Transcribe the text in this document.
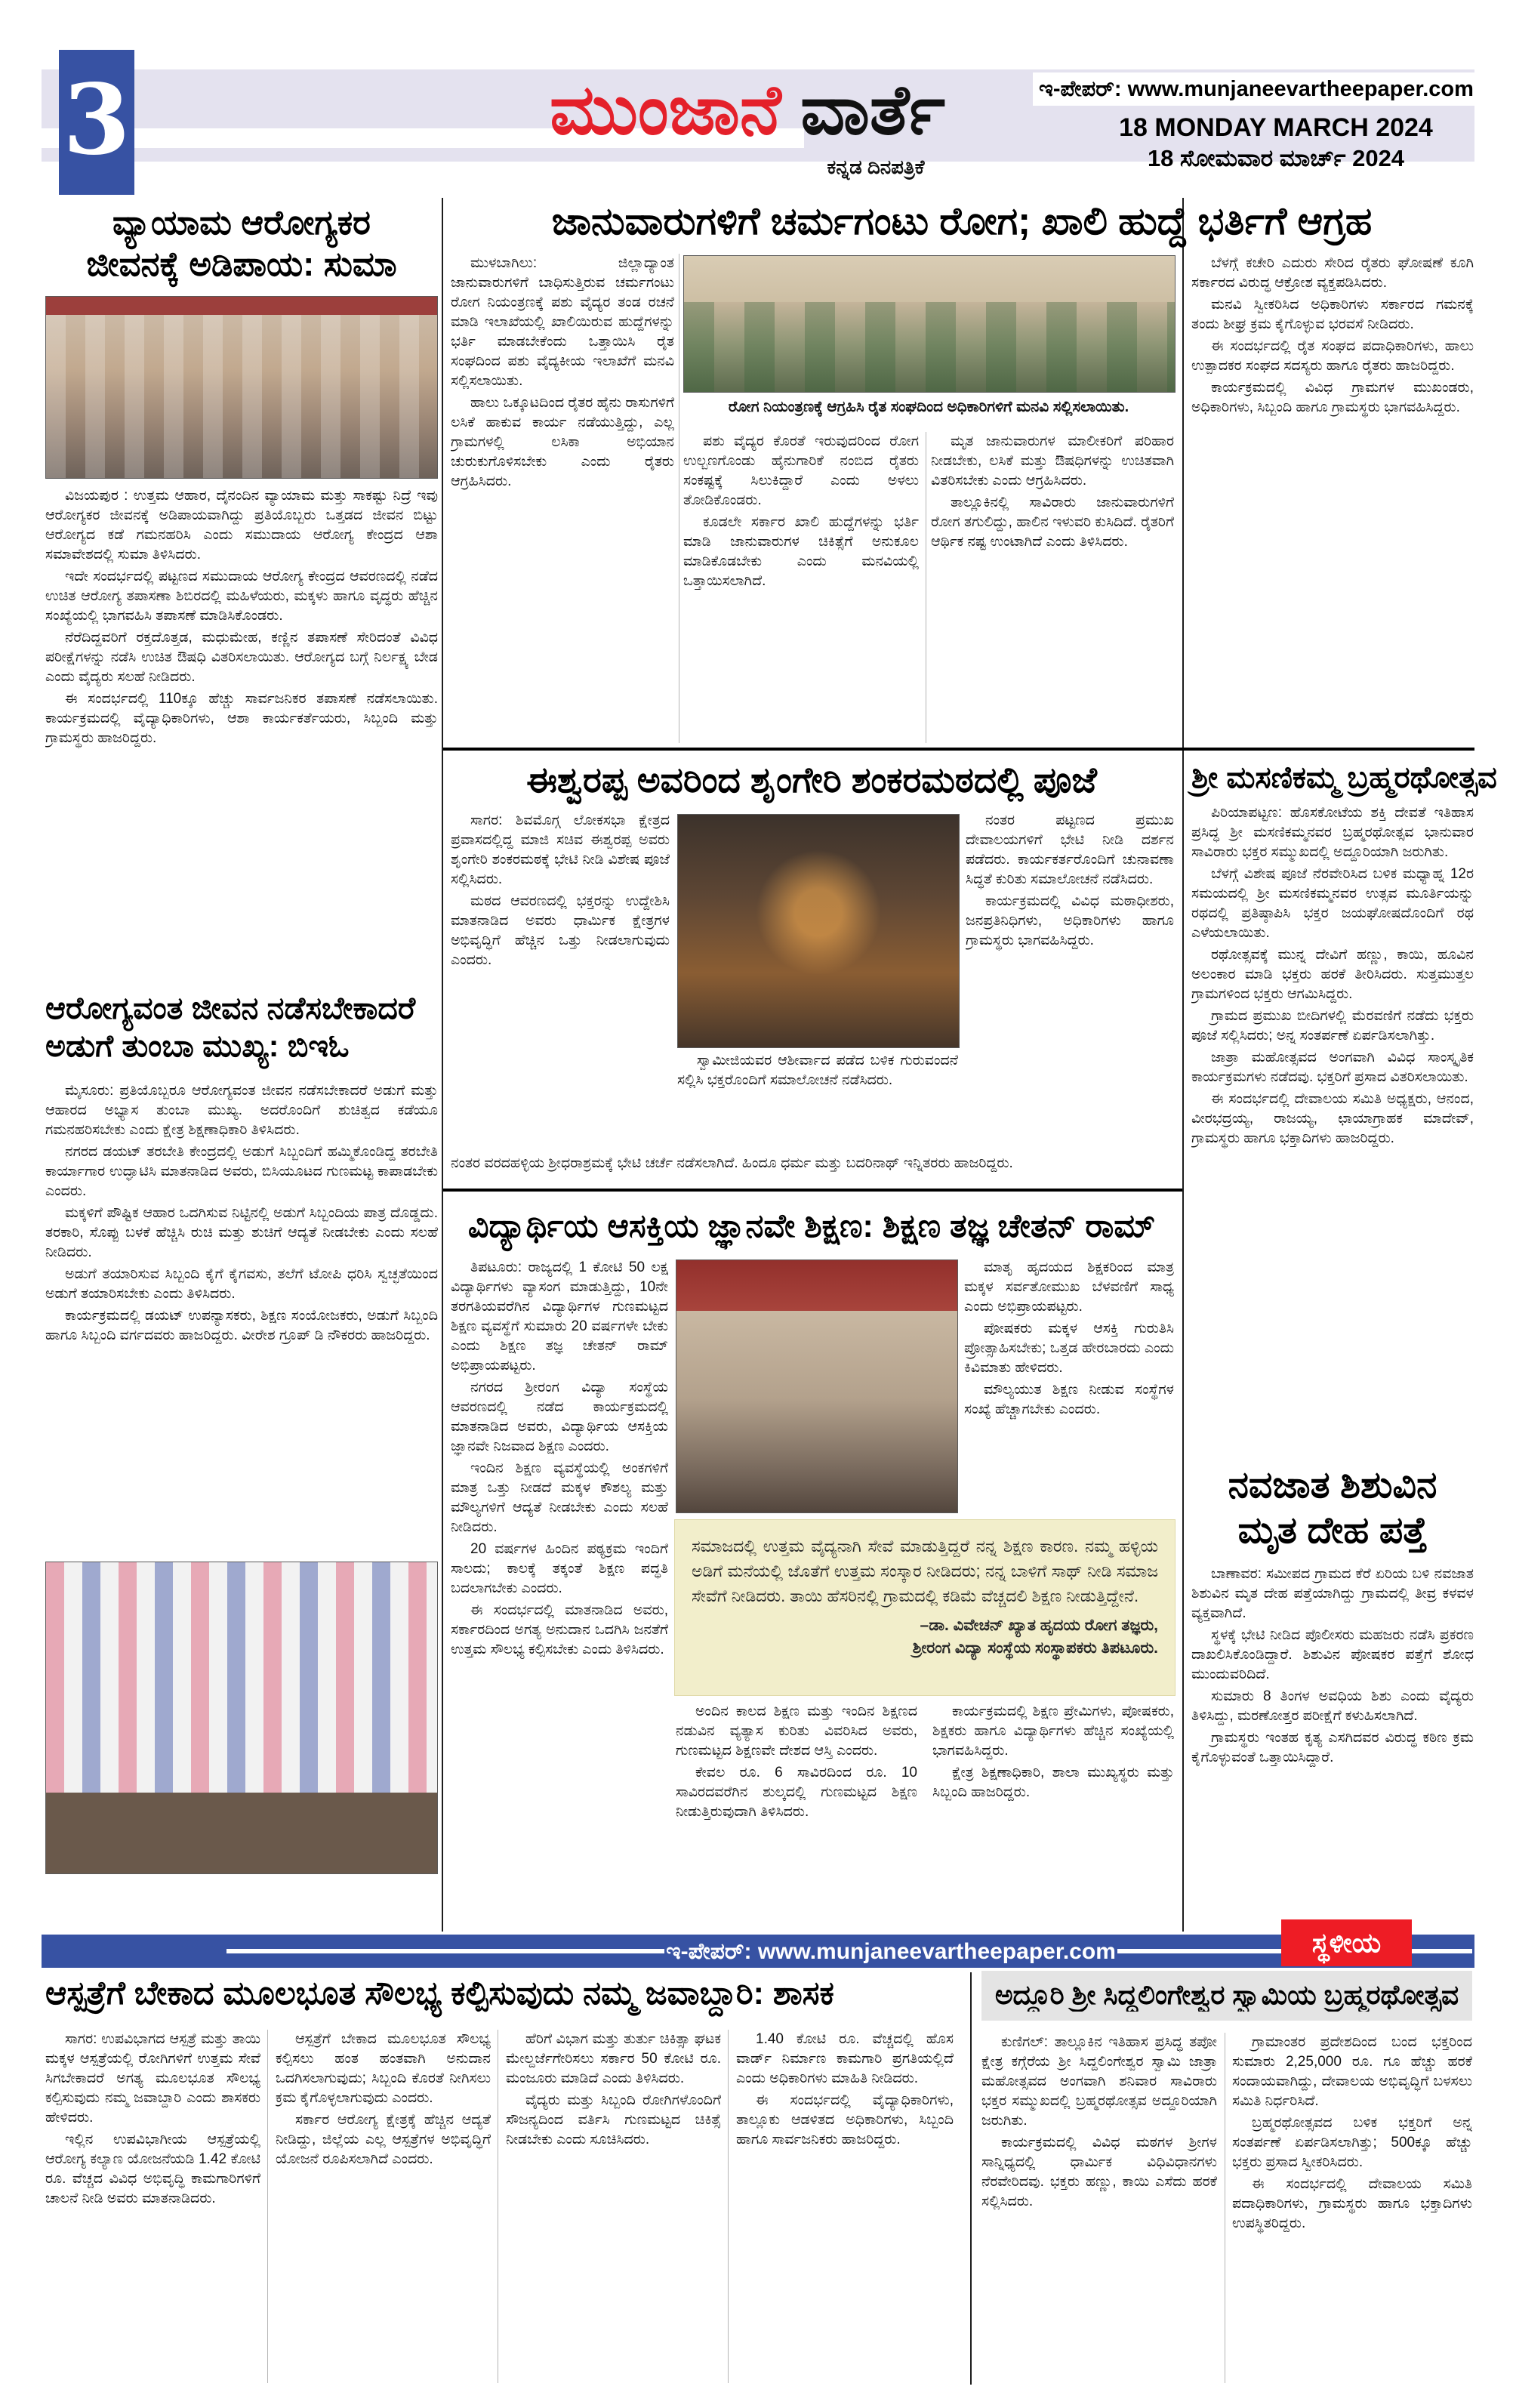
3	ಮುಂಜಾನೆ ವಾರ್ತೆ
ಕನ್ನಡ ದಿನಪತ್ರಿಕೆ
ಇ-ಪೇಪರ್: www.munjaneevartheepaper.com
18 MONDAY MARCH 2024
18 ಸೋಮವಾರ ಮಾರ್ಚ್ 2024
ವ್ಯಾಯಾಮ ಆರೋಗ್ಯಕರ
ಜೀವನಕ್ಕೆ ಅಡಿಪಾಯ: ಸುಮಾ

ವಿಜಯಪುರ : ಉತ್ತಮ ಆಹಾರ, ದೈನಂದಿನ ವ್ಯಾಯಾಮ ಮತ್ತು ಸಾಕಷ್ಟು ನಿದ್ರೆ ಇವು ಆರೋಗ್ಯಕರ ಜೀವನಕ್ಕೆ ಅಡಿಪಾಯವಾಗಿದ್ದು ಪ್ರತಿಯೊಬ್ಬರು ಒತ್ತಡದ ಜೀವನ ಬಿಟ್ಟು ಆರೋಗ್ಯದ ಕಡೆ ಗಮನಹರಿಸಿ ಎಂದು ಸಮುದಾಯ ಆರೋಗ್ಯ ಕೇಂದ್ರದ ಆಶಾ ಸಮಾವೇಶದಲ್ಲಿ ಸುಮಾ ತಿಳಿಸಿದರು.

ಇದೇ ಸಂದರ್ಭದಲ್ಲಿ ಪಟ್ಟಣದ ಸಮುದಾಯ ಆರೋಗ್ಯ ಕೇಂದ್ರದ ಆವರಣದಲ್ಲಿ ನಡೆದ ಉಚಿತ ಆರೋಗ್ಯ ತಪಾಸಣಾ ಶಿಬಿರದಲ್ಲಿ ಮಹಿಳೆಯರು, ಮಕ್ಕಳು ಹಾಗೂ ವೃದ್ಧರು ಹೆಚ್ಚಿನ ಸಂಖ್ಯೆಯಲ್ಲಿ ಭಾಗವಹಿಸಿ ತಪಾಸಣೆ ಮಾಡಿಸಿಕೊಂಡರು.

ನೆರೆದಿದ್ದವರಿಗೆ ರಕ್ತದೊತ್ತಡ, ಮಧುಮೇಹ, ಕಣ್ಣಿನ ತಪಾಸಣೆ ಸೇರಿದಂತೆ ವಿವಿಧ ಪರೀಕ್ಷೆಗಳನ್ನು ನಡೆಸಿ ಉಚಿತ ಔಷಧಿ ವಿತರಿಸಲಾಯಿತು. ಆರೋಗ್ಯದ ಬಗ್ಗೆ ನಿರ್ಲಕ್ಷ್ಯ ಬೇಡ ಎಂದು ವೈದ್ಯರು ಸಲಹೆ ನೀಡಿದರು.

ಈ ಸಂದರ್ಭದಲ್ಲಿ 110ಕ್ಕೂ ಹೆಚ್ಚು ಸಾರ್ವಜನಿಕರ ತಪಾಸಣೆ ನಡೆಸಲಾಯಿತು. ಕಾರ್ಯಕ್ರಮದಲ್ಲಿ ವೈದ್ಯಾಧಿಕಾರಿಗಳು, ಆಶಾ ಕಾರ್ಯಕರ್ತೆಯರು, ಸಿಬ್ಬಂದಿ ಮತ್ತು ಗ್ರಾಮಸ್ಥರು ಹಾಜರಿದ್ದರು.

ಆರೋಗ್ಯವಂತ ಜೀವನ ನಡೆಸಬೇಕಾದರೆ
ಅಡುಗೆ ತುಂಬಾ ಮುಖ್ಯ: ಬಿಇಓ

ಮೈಸೂರು: ಪ್ರತಿಯೊಬ್ಬರೂ ಆರೋಗ್ಯವಂತ ಜೀವನ ನಡೆಸಬೇಕಾದರೆ ಅಡುಗೆ ಮತ್ತು ಆಹಾರದ ಅಭ್ಯಾಸ ತುಂಬಾ ಮುಖ್ಯ. ಅದರೊಂದಿಗೆ ಶುಚಿತ್ವದ ಕಡೆಯೂ ಗಮನಹರಿಸಬೇಕು ಎಂದು ಕ್ಷೇತ್ರ ಶಿಕ್ಷಣಾಧಿಕಾರಿ ತಿಳಿಸಿದರು.

ನಗರದ ಡಯಟ್ ತರಬೇತಿ ಕೇಂದ್ರದಲ್ಲಿ ಅಡುಗೆ ಸಿಬ್ಬಂದಿಗೆ ಹಮ್ಮಿಕೊಂಡಿದ್ದ ತರಬೇತಿ ಕಾರ್ಯಾಗಾರ ಉದ್ಘಾಟಿಸಿ ಮಾತನಾಡಿದ ಅವರು, ಬಿಸಿಯೂಟದ ಗುಣಮಟ್ಟ ಕಾಪಾಡಬೇಕು ಎಂದರು.

ಮಕ್ಕಳಿಗೆ ಪೌಷ್ಟಿಕ ಆಹಾರ ಒದಗಿಸುವ ನಿಟ್ಟಿನಲ್ಲಿ ಅಡುಗೆ ಸಿಬ್ಬಂದಿಯ ಪಾತ್ರ ದೊಡ್ಡದು. ತರಕಾರಿ, ಸೊಪ್ಪು ಬಳಕೆ ಹೆಚ್ಚಿಸಿ ರುಚಿ ಮತ್ತು ಶುಚಿಗೆ ಆದ್ಯತೆ ನೀಡಬೇಕು ಎಂದು ಸಲಹೆ ನೀಡಿದರು.

ಅಡುಗೆ ತಯಾರಿಸುವ ಸಿಬ್ಬಂದಿ ಕೈಗೆ ಕೈಗವಸು, ತಲೆಗೆ ಟೋಪಿ ಧರಿಸಿ ಸ್ವಚ್ಛತೆಯಿಂದ ಅಡುಗೆ ತಯಾರಿಸಬೇಕು ಎಂದು ತಿಳಿಸಿದರು.

ಕಾರ್ಯಕ್ರಮದಲ್ಲಿ ಡಯಟ್ ಉಪನ್ಯಾಸಕರು, ಶಿಕ್ಷಣ ಸಂಯೋಜಕರು, ಅಡುಗೆ ಸಿಬ್ಬಂದಿ ಹಾಗೂ ಸಿಬ್ಬಂದಿ ವರ್ಗದವರು ಹಾಜರಿದ್ದರು. ವೀರೇಶ ಗ್ರೂಪ್ ಡಿ ನೌಕರರು ಹಾಜರಿದ್ದರು.

ಜಾನುವಾರುಗಳಿಗೆ ಚರ್ಮಗಂಟು ರೋಗ; ಖಾಲಿ ಹುದ್ದೆ ಭರ್ತಿಗೆ ಆಗ್ರಹ

ಮುಳಬಾಗಿಲು: ಜಿಲ್ಲಾದ್ಯಾಂತ ಜಾನುವಾರುಗಳಿಗೆ ಬಾಧಿಸುತ್ತಿರುವ ಚರ್ಮಗಂಟು ರೋಗ ನಿಯಂತ್ರಣಕ್ಕೆ ಪಶು ವೈದ್ಯರ ತಂಡ ರಚನೆ ಮಾಡಿ ಇಲಾಖೆಯಲ್ಲಿ ಖಾಲಿಯಿರುವ ಹುದ್ದೆಗಳನ್ನು ಭರ್ತಿ ಮಾಡಬೇಕೆಂದು ಒತ್ತಾಯಿಸಿ ರೈತ ಸಂಘದಿಂದ ಪಶು ವೈದ್ಯಕೀಯ ಇಲಾಖೆಗೆ ಮನವಿ ಸಲ್ಲಿಸಲಾಯಿತು.

ಹಾಲು ಒಕ್ಕೂಟದಿಂದ ರೈತರ ಹೈನು ರಾಸುಗಳಿಗೆ ಲಸಿಕೆ ಹಾಕುವ ಕಾರ್ಯ ನಡೆಯುತ್ತಿದ್ದು, ಎಲ್ಲ ಗ್ರಾಮಗಳಲ್ಲಿ ಲಸಿಕಾ ಅಭಿಯಾನ ಚುರುಕುಗೊಳಿಸಬೇಕು ಎಂದು ರೈತರು ಆಗ್ರಹಿಸಿದರು.

ರೋಗ ನಿಯಂತ್ರಣಕ್ಕೆ ಆಗ್ರಹಿಸಿ ರೈತ ಸಂಘದಿಂದ ಅಧಿಕಾರಿಗಳಿಗೆ ಮನವಿ ಸಲ್ಲಿಸಲಾಯಿತು.

ಪಶು ವೈದ್ಯರ ಕೊರತೆ ಇರುವುದರಿಂದ ರೋಗ ಉಲ್ಬಣಗೊಂಡು ಹೈನುಗಾರಿಕೆ ನಂಬಿದ ರೈತರು ಸಂಕಷ್ಟಕ್ಕೆ ಸಿಲುಕಿದ್ದಾರೆ ಎಂದು ಅಳಲು ತೋಡಿಕೊಂಡರು.

ಕೂಡಲೇ ಸರ್ಕಾರ ಖಾಲಿ ಹುದ್ದೆಗಳನ್ನು ಭರ್ತಿ ಮಾಡಿ ಜಾನುವಾರುಗಳ ಚಿಕಿತ್ಸೆಗೆ ಅನುಕೂಲ ಮಾಡಿಕೊಡಬೇಕು ಎಂದು ಮನವಿಯಲ್ಲಿ ಒತ್ತಾಯಿಸಲಾಗಿದೆ.

ಮೃತ ಜಾನುವಾರುಗಳ ಮಾಲೀಕರಿಗೆ ಪರಿಹಾರ ನೀಡಬೇಕು, ಲಸಿಕೆ ಮತ್ತು ಔಷಧಿಗಳನ್ನು ಉಚಿತವಾಗಿ ವಿತರಿಸಬೇಕು ಎಂದು ಆಗ್ರಹಿಸಿದರು.

ತಾಲ್ಲೂಕಿನಲ್ಲಿ ಸಾವಿರಾರು ಜಾನುವಾರುಗಳಿಗೆ ರೋಗ ತಗುಲಿದ್ದು, ಹಾಲಿನ ಇಳುವರಿ ಕುಸಿದಿದೆ. ರೈತರಿಗೆ ಆರ್ಥಿಕ ನಷ್ಟ ಉಂಟಾಗಿದೆ ಎಂದು ತಿಳಿಸಿದರು.

ಬೆಳಗ್ಗೆ ಕಚೇರಿ ಎದುರು ಸೇರಿದ ರೈತರು ಘೋಷಣೆ ಕೂಗಿ ಸರ್ಕಾರದ ವಿರುದ್ಧ ಆಕ್ರೋಶ ವ್ಯಕ್ತಪಡಿಸಿದರು.

ಮನವಿ ಸ್ವೀಕರಿಸಿದ ಅಧಿಕಾರಿಗಳು ಸರ್ಕಾರದ ಗಮನಕ್ಕೆ ತಂದು ಶೀಘ್ರ ಕ್ರಮ ಕೈಗೊಳ್ಳುವ ಭರವಸೆ ನೀಡಿದರು.

ಈ ಸಂದರ್ಭದಲ್ಲಿ ರೈತ ಸಂಘದ ಪದಾಧಿಕಾರಿಗಳು, ಹಾಲು ಉತ್ಪಾದಕರ ಸಂಘದ ಸದಸ್ಯರು ಹಾಗೂ ರೈತರು ಹಾಜರಿದ್ದರು.

ಕಾರ್ಯಕ್ರಮದಲ್ಲಿ ವಿವಿಧ ಗ್ರಾಮಗಳ ಮುಖಂಡರು, ಅಧಿಕಾರಿಗಳು, ಸಿಬ್ಬಂದಿ ಹಾಗೂ ಗ್ರಾಮಸ್ಥರು ಭಾಗವಹಿಸಿದ್ದರು.

ಈಶ್ವರಪ್ಪ ಅವರಿಂದ ಶೃಂಗೇರಿ ಶಂಕರಮಠದಲ್ಲಿ ಪೂಜೆ

ಸಾಗರ: ಶಿವಮೊಗ್ಗ ಲೋಕಸಭಾ ಕ್ಷೇತ್ರದ ಪ್ರವಾಸದಲ್ಲಿದ್ದ ಮಾಜಿ ಸಚಿವ ಈಶ್ವರಪ್ಪ ಅವರು ಶೃಂಗೇರಿ ಶಂಕರಮಠಕ್ಕೆ ಭೇಟಿ ನೀಡಿ ವಿಶೇಷ ಪೂಜೆ ಸಲ್ಲಿಸಿದರು.

ಮಠದ ಆವರಣದಲ್ಲಿ ಭಕ್ತರನ್ನು ಉದ್ದೇಶಿಸಿ ಮಾತನಾಡಿದ ಅವರು ಧಾರ್ಮಿಕ ಕ್ಷೇತ್ರಗಳ ಅಭಿವೃದ್ಧಿಗೆ ಹೆಚ್ಚಿನ ಒತ್ತು ನೀಡಲಾಗುವುದು ಎಂದರು.

ಸ್ವಾಮೀಜಿಯವರ ಆಶೀರ್ವಾದ ಪಡೆದ ಬಳಿಕ ಗುರುವಂದನೆ ಸಲ್ಲಿಸಿ ಭಕ್ತರೊಂದಿಗೆ ಸಮಾಲೋಚನೆ ನಡೆಸಿದರು.

ನಂತರ ಪಟ್ಟಣದ ಪ್ರಮುಖ ದೇವಾಲಯಗಳಿಗೆ ಭೇಟಿ ನೀಡಿ ದರ್ಶನ ಪಡೆದರು. ಕಾರ್ಯಕರ್ತರೊಂದಿಗೆ ಚುನಾವಣಾ ಸಿದ್ಧತೆ ಕುರಿತು ಸಮಾಲೋಚನೆ ನಡೆಸಿದರು.

ಕಾರ್ಯಕ್ರಮದಲ್ಲಿ ವಿವಿಧ ಮಠಾಧೀಶರು, ಜನಪ್ರತಿನಿಧಿಗಳು, ಅಧಿಕಾರಿಗಳು ಹಾಗೂ ಗ್ರಾಮಸ್ಥರು ಭಾಗವಹಿಸಿದ್ದರು.

ನಂತರ ವರದಹಳ್ಳಿಯ ಶ್ರೀಧರಾಶ್ರಮಕ್ಕೆ ಭೇಟಿ ಚರ್ಚೆ ನಡೆಸಲಾಗಿದೆ. ಹಿಂದೂ ಧರ್ಮ ಮತ್ತು ಬದರಿನಾಥ್ ಇನ್ನಿತರರು ಹಾಜರಿದ್ದರು.

ಶ್ರೀ ಮಸಣಿಕಮ್ಮ ಬ್ರಹ್ಮರಥೋತ್ಸವ

ಪಿರಿಯಾಪಟ್ಟಣ: ಹೊಸಕೋಟೆಯ ಶಕ್ತಿ ದೇವತೆ ಇತಿಹಾಸ ಪ್ರಸಿದ್ಧ ಶ್ರೀ ಮಸಣಿಕಮ್ಮನವರ ಬ್ರಹ್ಮರಥೋತ್ಸವ ಭಾನುವಾರ ಸಾವಿರಾರು ಭಕ್ತರ ಸಮ್ಮುಖದಲ್ಲಿ ಅದ್ದೂರಿಯಾಗಿ ಜರುಗಿತು.

ಬೆಳಗ್ಗೆ ವಿಶೇಷ ಪೂಜೆ ನೆರವೇರಿಸಿದ ಬಳಿಕ ಮಧ್ಯಾಹ್ನ 12ರ ಸಮಯದಲ್ಲಿ ಶ್ರೀ ಮಸಣಿಕಮ್ಮನವರ ಉತ್ಸವ ಮೂರ್ತಿಯನ್ನು ರಥದಲ್ಲಿ ಪ್ರತಿಷ್ಠಾಪಿಸಿ ಭಕ್ತರ ಜಯಘೋಷದೊಂದಿಗೆ ರಥ ಎಳೆಯಲಾಯಿತು.

ರಥೋತ್ಸವಕ್ಕೆ ಮುನ್ನ ದೇವಿಗೆ ಹಣ್ಣು, ಕಾಯಿ, ಹೂವಿನ ಅಲಂಕಾರ ಮಾಡಿ ಭಕ್ತರು ಹರಕೆ ತೀರಿಸಿದರು. ಸುತ್ತಮುತ್ತಲ ಗ್ರಾಮಗಳಿಂದ ಭಕ್ತರು ಆಗಮಿಸಿದ್ದರು.

ಗ್ರಾಮದ ಪ್ರಮುಖ ಬೀದಿಗಳಲ್ಲಿ ಮೆರವಣಿಗೆ ನಡೆದು ಭಕ್ತರು ಪೂಜೆ ಸಲ್ಲಿಸಿದರು; ಅನ್ನ ಸಂತರ್ಪಣೆ ಏರ್ಪಡಿಸಲಾಗಿತ್ತು.

ಜಾತ್ರಾ ಮಹೋತ್ಸವದ ಅಂಗವಾಗಿ ವಿವಿಧ ಸಾಂಸ್ಕೃತಿಕ ಕಾರ್ಯಕ್ರಮಗಳು ನಡೆದವು. ಭಕ್ತರಿಗೆ ಪ್ರಸಾದ ವಿತರಿಸಲಾಯಿತು.

ಈ ಸಂದರ್ಭದಲ್ಲಿ ದೇವಾಲಯ ಸಮಿತಿ ಅಧ್ಯಕ್ಷರು, ಆನಂದ, ವೀರಭದ್ರಯ್ಯ, ರಾಜಯ್ಯ, ಛಾಯಾಗ್ರಾಹಕ ಮಾದೇವ್, ಗ್ರಾಮಸ್ಥರು ಹಾಗೂ ಭಕ್ತಾದಿಗಳು ಹಾಜರಿದ್ದರು.

ನವಜಾತ ಶಿಶುವಿನ
ಮೃತ ದೇಹ ಪತ್ತೆ

ಬಾಣಾವರ: ಸಮೀಪದ ಗ್ರಾಮದ ಕೆರೆ ಏರಿಯ ಬಳಿ ನವಜಾತ ಶಿಶುವಿನ ಮೃತ ದೇಹ ಪತ್ತೆಯಾಗಿದ್ದು ಗ್ರಾಮದಲ್ಲಿ ತೀವ್ರ ಕಳವಳ ವ್ಯಕ್ತವಾಗಿದೆ.

ಸ್ಥಳಕ್ಕೆ ಭೇಟಿ ನೀಡಿದ ಪೊಲೀಸರು ಮಹಜರು ನಡೆಸಿ ಪ್ರಕರಣ ದಾಖಲಿಸಿಕೊಂಡಿದ್ದಾರೆ. ಶಿಶುವಿನ ಪೋಷಕರ ಪತ್ತೆಗೆ ಶೋಧ ಮುಂದುವರಿದಿದೆ.

ಸುಮಾರು 8 ತಿಂಗಳ ಅವಧಿಯ ಶಿಶು ಎಂದು ವೈದ್ಯರು ತಿಳಿಸಿದ್ದು, ಮರಣೋತ್ತರ ಪರೀಕ್ಷೆಗೆ ಕಳುಹಿಸಲಾಗಿದೆ.

ಗ್ರಾಮಸ್ಥರು ಇಂತಹ ಕೃತ್ಯ ಎಸಗಿದವರ ವಿರುದ್ಧ ಕಠಿಣ ಕ್ರಮ ಕೈಗೊಳ್ಳುವಂತೆ ಒತ್ತಾಯಿಸಿದ್ದಾರೆ.

ವಿದ್ಯಾರ್ಥಿಯ ಆಸಕ್ತಿಯ ಜ್ಞಾನವೇ ಶಿಕ್ಷಣ: ಶಿಕ್ಷಣ ತಜ್ಞ ಚೇತನ್ ರಾಮ್

ತಿಪಟೂರು: ರಾಜ್ಯದಲ್ಲಿ 1 ಕೋಟಿ 50 ಲಕ್ಷ ವಿದ್ಯಾರ್ಥಿಗಳು ವ್ಯಾಸಂಗ ಮಾಡುತ್ತಿದ್ದು, 10ನೇ ತರಗತಿಯವರೆಗಿನ ವಿದ್ಯಾರ್ಥಿಗಳ ಗುಣಮಟ್ಟದ ಶಿಕ್ಷಣ ವ್ಯವಸ್ಥೆಗೆ ಸುಮಾರು 20 ವರ್ಷಗಳೇ ಬೇಕು ಎಂದು ಶಿಕ್ಷಣ ತಜ್ಞ ಚೇತನ್ ರಾಮ್ ಅಭಿಪ್ರಾಯಪಟ್ಟರು.

ನಗರದ ಶ್ರೀರಂಗ ವಿದ್ಯಾ ಸಂಸ್ಥೆಯ ಆವರಣದಲ್ಲಿ ನಡೆದ ಕಾರ್ಯಕ್ರಮದಲ್ಲಿ ಮಾತನಾಡಿದ ಅವರು, ವಿದ್ಯಾರ್ಥಿಯ ಆಸಕ್ತಿಯ ಜ್ಞಾನವೇ ನಿಜವಾದ ಶಿಕ್ಷಣ ಎಂದರು.

ಇಂದಿನ ಶಿಕ್ಷಣ ವ್ಯವಸ್ಥೆಯಲ್ಲಿ ಅಂಕಗಳಿಗೆ ಮಾತ್ರ ಒತ್ತು ನೀಡದೆ ಮಕ್ಕಳ ಕೌಶಲ್ಯ ಮತ್ತು ಮೌಲ್ಯಗಳಿಗೆ ಆದ್ಯತೆ ನೀಡಬೇಕು ಎಂದು ಸಲಹೆ ನೀಡಿದರು.

20 ವರ್ಷಗಳ ಹಿಂದಿನ ಪಠ್ಯಕ್ರಮ ಇಂದಿಗೆ ಸಾಲದು; ಕಾಲಕ್ಕೆ ತಕ್ಕಂತೆ ಶಿಕ್ಷಣ ಪದ್ಧತಿ ಬದಲಾಗಬೇಕು ಎಂದರು.

ಈ ಸಂದರ್ಭದಲ್ಲಿ ಮಾತನಾಡಿದ ಅವರು, ಸರ್ಕಾರದಿಂದ ಅಗತ್ಯ ಅನುದಾನ ಒದಗಿಸಿ ಜನತೆಗೆ ಉತ್ತಮ ಸೌಲಭ್ಯ ಕಲ್ಪಿಸಬೇಕು ಎಂದು ತಿಳಿಸಿದರು.

ಮಾತೃ ಹೃದಯದ ಶಿಕ್ಷಕರಿಂದ ಮಾತ್ರ ಮಕ್ಕಳ ಸರ್ವತೋಮುಖ ಬೆಳವಣಿಗೆ ಸಾಧ್ಯ ಎಂದು ಅಭಿಪ್ರಾಯಪಟ್ಟರು.

ಪೋಷಕರು ಮಕ್ಕಳ ಆಸಕ್ತಿ ಗುರುತಿಸಿ ಪ್ರೋತ್ಸಾಹಿಸಬೇಕು; ಒತ್ತಡ ಹೇರಬಾರದು ಎಂದು ಕಿವಿಮಾತು ಹೇಳಿದರು.

ಮೌಲ್ಯಯುತ ಶಿಕ್ಷಣ ನೀಡುವ ಸಂಸ್ಥೆಗಳ ಸಂಖ್ಯೆ ಹೆಚ್ಚಾಗಬೇಕು ಎಂದರು.

ಸಮಾಜದಲ್ಲಿ ಉತ್ತಮ ವೈದ್ಯನಾಗಿ ಸೇವೆ ಮಾಡುತ್ತಿದ್ದರೆ ನನ್ನ ಶಿಕ್ಷಣ ಕಾರಣ. ನಮ್ಮ ಹಳ್ಳಿಯ ಅಡಿಗೆ ಮನೆಯಲ್ಲಿ ಜೊತೆಗೆ ಉತ್ತಮ ಸಂಸ್ಕಾರ ನೀಡಿದರು; ನನ್ನ ಬಾಳಿಗೆ ಸಾಥ್ ನೀಡಿ ಸಮಾಜ ಸೇವೆಗೆ ನೀಡಿದರು. ತಾಯಿ ಹೆಸರಿನಲ್ಲಿ ಗ್ರಾಮದಲ್ಲಿ ಕಡಿಮೆ ವೆಚ್ಚದಲಿ ಶಿಕ್ಷಣ ನೀಡುತ್ತಿದ್ದೇನೆ.
–ಡಾ. ವಿವೇಚನ್ ಖ್ಯಾತ ಹೃದಯ ರೋಗ ತಜ್ಞರು,
ಶ್ರೀರಂಗ ವಿದ್ಯಾ ಸಂಸ್ಥೆಯ ಸಂಸ್ಥಾಪಕರು ತಿಪಟೂರು.

ಅಂದಿನ ಕಾಲದ ಶಿಕ್ಷಣ ಮತ್ತು ಇಂದಿನ ಶಿಕ್ಷಣದ ನಡುವಿನ ವ್ಯತ್ಯಾಸ ಕುರಿತು ವಿವರಿಸಿದ ಅವರು, ಗುಣಮಟ್ಟದ ಶಿಕ್ಷಣವೇ ದೇಶದ ಆಸ್ತಿ ಎಂದರು.

ಕೇವಲ ರೂ. 6 ಸಾವಿರದಿಂದ ರೂ. 10 ಸಾವಿರದವರೆಗಿನ ಶುಲ್ಕದಲ್ಲಿ ಗುಣಮಟ್ಟದ ಶಿಕ್ಷಣ ನೀಡುತ್ತಿರುವುದಾಗಿ ತಿಳಿಸಿದರು.

ಕಾರ್ಯಕ್ರಮದಲ್ಲಿ ಶಿಕ್ಷಣ ಪ್ರೇಮಿಗಳು, ಪೋಷಕರು, ಶಿಕ್ಷಕರು ಹಾಗೂ ವಿದ್ಯಾರ್ಥಿಗಳು ಹೆಚ್ಚಿನ ಸಂಖ್ಯೆಯಲ್ಲಿ ಭಾಗವಹಿಸಿದ್ದರು.

ಕ್ಷೇತ್ರ ಶಿಕ್ಷಣಾಧಿಕಾರಿ, ಶಾಲಾ ಮುಖ್ಯಸ್ಥರು ಮತ್ತು ಸಿಬ್ಬಂದಿ ಹಾಜರಿದ್ದರು.

ಇ-ಪೇಪರ್: www.munjaneevartheepaper.com	ಸ್ಥಳೀಯ
ಆಸ್ಪತ್ರೆಗೆ ಬೇಕಾದ ಮೂಲಭೂತ ಸೌಲಭ್ಯ ಕಲ್ಪಿಸುವುದು ನಮ್ಮ ಜವಾಬ್ದಾರಿ: ಶಾಸಕ

ಸಾಗರ: ಉಪವಿಭಾಗದ ಆಸ್ಪತ್ರೆ ಮತ್ತು ತಾಯಿ ಮಕ್ಕಳ ಆಸ್ಪತ್ರೆಯಲ್ಲಿ ರೋಗಿಗಳಿಗೆ ಉತ್ತಮ ಸೇವೆ ಸಿಗಬೇಕಾದರೆ ಅಗತ್ಯ ಮೂಲಭೂತ ಸೌಲಭ್ಯ ಕಲ್ಪಿಸುವುದು ನಮ್ಮ ಜವಾಬ್ದಾರಿ ಎಂದು ಶಾಸಕರು ಹೇಳಿದರು.

ಇಲ್ಲಿನ ಉಪವಿಭಾಗೀಯ ಆಸ್ಪತ್ರೆಯಲ್ಲಿ ಆರೋಗ್ಯ ಕಲ್ಯಾಣ ಯೋಜನೆಯಡಿ 1.42 ಕೋಟಿ ರೂ. ವೆಚ್ಚದ ವಿವಿಧ ಅಭಿವೃದ್ಧಿ ಕಾಮಗಾರಿಗಳಿಗೆ ಚಾಲನೆ ನೀಡಿ ಅವರು ಮಾತನಾಡಿದರು.

ಆಸ್ಪತ್ರೆಗೆ ಬೇಕಾದ ಮೂಲಭೂತ ಸೌಲಭ್ಯ ಕಲ್ಪಿಸಲು ಹಂತ ಹಂತವಾಗಿ ಅನುದಾನ ಒದಗಿಸಲಾಗುವುದು; ಸಿಬ್ಬಂದಿ ಕೊರತೆ ನೀಗಿಸಲು ಕ್ರಮ ಕೈಗೊಳ್ಳಲಾಗುವುದು ಎಂದರು.

ಸರ್ಕಾರ ಆರೋಗ್ಯ ಕ್ಷೇತ್ರಕ್ಕೆ ಹೆಚ್ಚಿನ ಆದ್ಯತೆ ನೀಡಿದ್ದು, ಜಿಲ್ಲೆಯ ಎಲ್ಲ ಆಸ್ಪತ್ರೆಗಳ ಅಭಿವೃದ್ಧಿಗೆ ಯೋಜನೆ ರೂಪಿಸಲಾಗಿದೆ ಎಂದರು.

ಹೆರಿಗೆ ವಿಭಾಗ ಮತ್ತು ತುರ್ತು ಚಿಕಿತ್ಸಾ ಘಟಕ ಮೇಲ್ದರ್ಜೆಗೇರಿಸಲು ಸರ್ಕಾರ 50 ಕೋಟಿ ರೂ. ಮಂಜೂರು ಮಾಡಿದೆ ಎಂದು ತಿಳಿಸಿದರು.

ವೈದ್ಯರು ಮತ್ತು ಸಿಬ್ಬಂದಿ ರೋಗಿಗಳೊಂದಿಗೆ ಸೌಜನ್ಯದಿಂದ ವರ್ತಿಸಿ ಗುಣಮಟ್ಟದ ಚಿಕಿತ್ಸೆ ನೀಡಬೇಕು ಎಂದು ಸೂಚಿಸಿದರು.

1.40 ಕೋಟಿ ರೂ. ವೆಚ್ಚದಲ್ಲಿ ಹೊಸ ವಾರ್ಡ್ ನಿರ್ಮಾಣ ಕಾಮಗಾರಿ ಪ್ರಗತಿಯಲ್ಲಿದೆ ಎಂದು ಅಧಿಕಾರಿಗಳು ಮಾಹಿತಿ ನೀಡಿದರು.

ಈ ಸಂದರ್ಭದಲ್ಲಿ ವೈದ್ಯಾಧಿಕಾರಿಗಳು, ತಾಲ್ಲೂಕು ಆಡಳಿತದ ಅಧಿಕಾರಿಗಳು, ಸಿಬ್ಬಂದಿ ಹಾಗೂ ಸಾರ್ವಜನಿಕರು ಹಾಜರಿದ್ದರು.

ಅದ್ಧೂರಿ ಶ್ರೀ ಸಿದ್ದಲಿಂಗೇಶ್ವರ ಸ್ವಾಮಿಯ ಬ್ರಹ್ಮರಥೋತ್ಸವ

ಕುಣಿಗಲ್: ತಾಲ್ಲೂಕಿನ ಇತಿಹಾಸ ಪ್ರಸಿದ್ಧ ತಪೋ ಕ್ಷೇತ್ರ ಕಗ್ಗೆರೆಯ ಶ್ರೀ ಸಿದ್ದಲಿಂಗೇಶ್ವರ ಸ್ವಾಮಿ ಜಾತ್ರಾ ಮಹೋತ್ಸವದ ಅಂಗವಾಗಿ ಶನಿವಾರ ಸಾವಿರಾರು ಭಕ್ತರ ಸಮ್ಮುಖದಲ್ಲಿ ಬ್ರಹ್ಮರಥೋತ್ಸವ ಅದ್ದೂರಿಯಾಗಿ ಜರುಗಿತು.

ಕಾರ್ಯಕ್ರಮದಲ್ಲಿ ವಿವಿಧ ಮಠಗಳ ಶ್ರೀಗಳ ಸಾನ್ನಿಧ್ಯದಲ್ಲಿ ಧಾರ್ಮಿಕ ವಿಧಿವಿಧಾನಗಳು ನೆರವೇರಿದವು. ಭಕ್ತರು ಹಣ್ಣು, ಕಾಯಿ ಎಸೆದು ಹರಕೆ ಸಲ್ಲಿಸಿದರು.

ಗ್ರಾಮಾಂತರ ಪ್ರದೇಶದಿಂದ ಬಂದ ಭಕ್ತರಿಂದ ಸುಮಾರು 2,25,000 ರೂ. ಗೂ ಹೆಚ್ಚು ಹರಕೆ ಸಂದಾಯವಾಗಿದ್ದು, ದೇವಾಲಯ ಅಭಿವೃದ್ಧಿಗೆ ಬಳಸಲು ಸಮಿತಿ ನಿರ್ಧರಿಸಿದೆ.

ಬ್ರಹ್ಮರಥೋತ್ಸವದ ಬಳಿಕ ಭಕ್ತರಿಗೆ ಅನ್ನ ಸಂತರ್ಪಣೆ ಏರ್ಪಡಿಸಲಾಗಿತ್ತು; 500ಕ್ಕೂ ಹೆಚ್ಚು ಭಕ್ತರು ಪ್ರಸಾದ ಸ್ವೀಕರಿಸಿದರು.

ಈ ಸಂದರ್ಭದಲ್ಲಿ ದೇವಾಲಯ ಸಮಿತಿ ಪದಾಧಿಕಾರಿಗಳು, ಗ್ರಾಮಸ್ಥರು ಹಾಗೂ ಭಕ್ತಾದಿಗಳು ಉಪಸ್ಥಿತರಿದ್ದರು.
